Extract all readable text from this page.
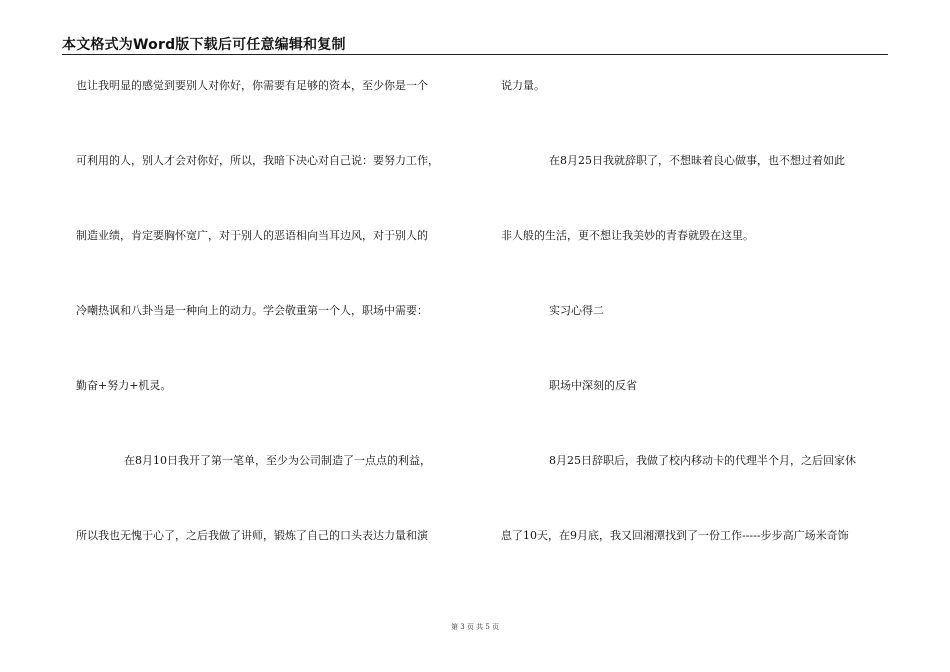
本文格式为Word版下载后可任意编辑和复制
也让我明显的感觉到要别人对你好，你需要有足够的资本，至少你是一个
可利用的人，别人才会对你好，所以，我暗下决心对自己说：要努力工作，
制造业绩，肯定要胸怀宽广，对于别人的恶语相向当耳边风，对于别人的
冷嘲热讽和八卦当是一种向上的动力。学会敬重第一个人，职场中需要：
勤奋+努力+机灵。
在8月10日我开了第一笔单，至少为公司制造了一点点的利益，
所以我也无愧于心了，之后我做了讲师，锻炼了自己的口头表达力量和演
说力量。
在8月25日我就辞职了，不想昧着良心做事，也不想过着如此
非人般的生活，更不想让我美妙的青春就毁在这里。
实习心得二
职场中深刻的反省
8月25日辞职后，我做了校内移动卡的代理半个月，之后回家休
息了10天，在9月底，我又回湘潭找到了一份工作-----步步高广场米奇饰
第 3 页 共 5 页
